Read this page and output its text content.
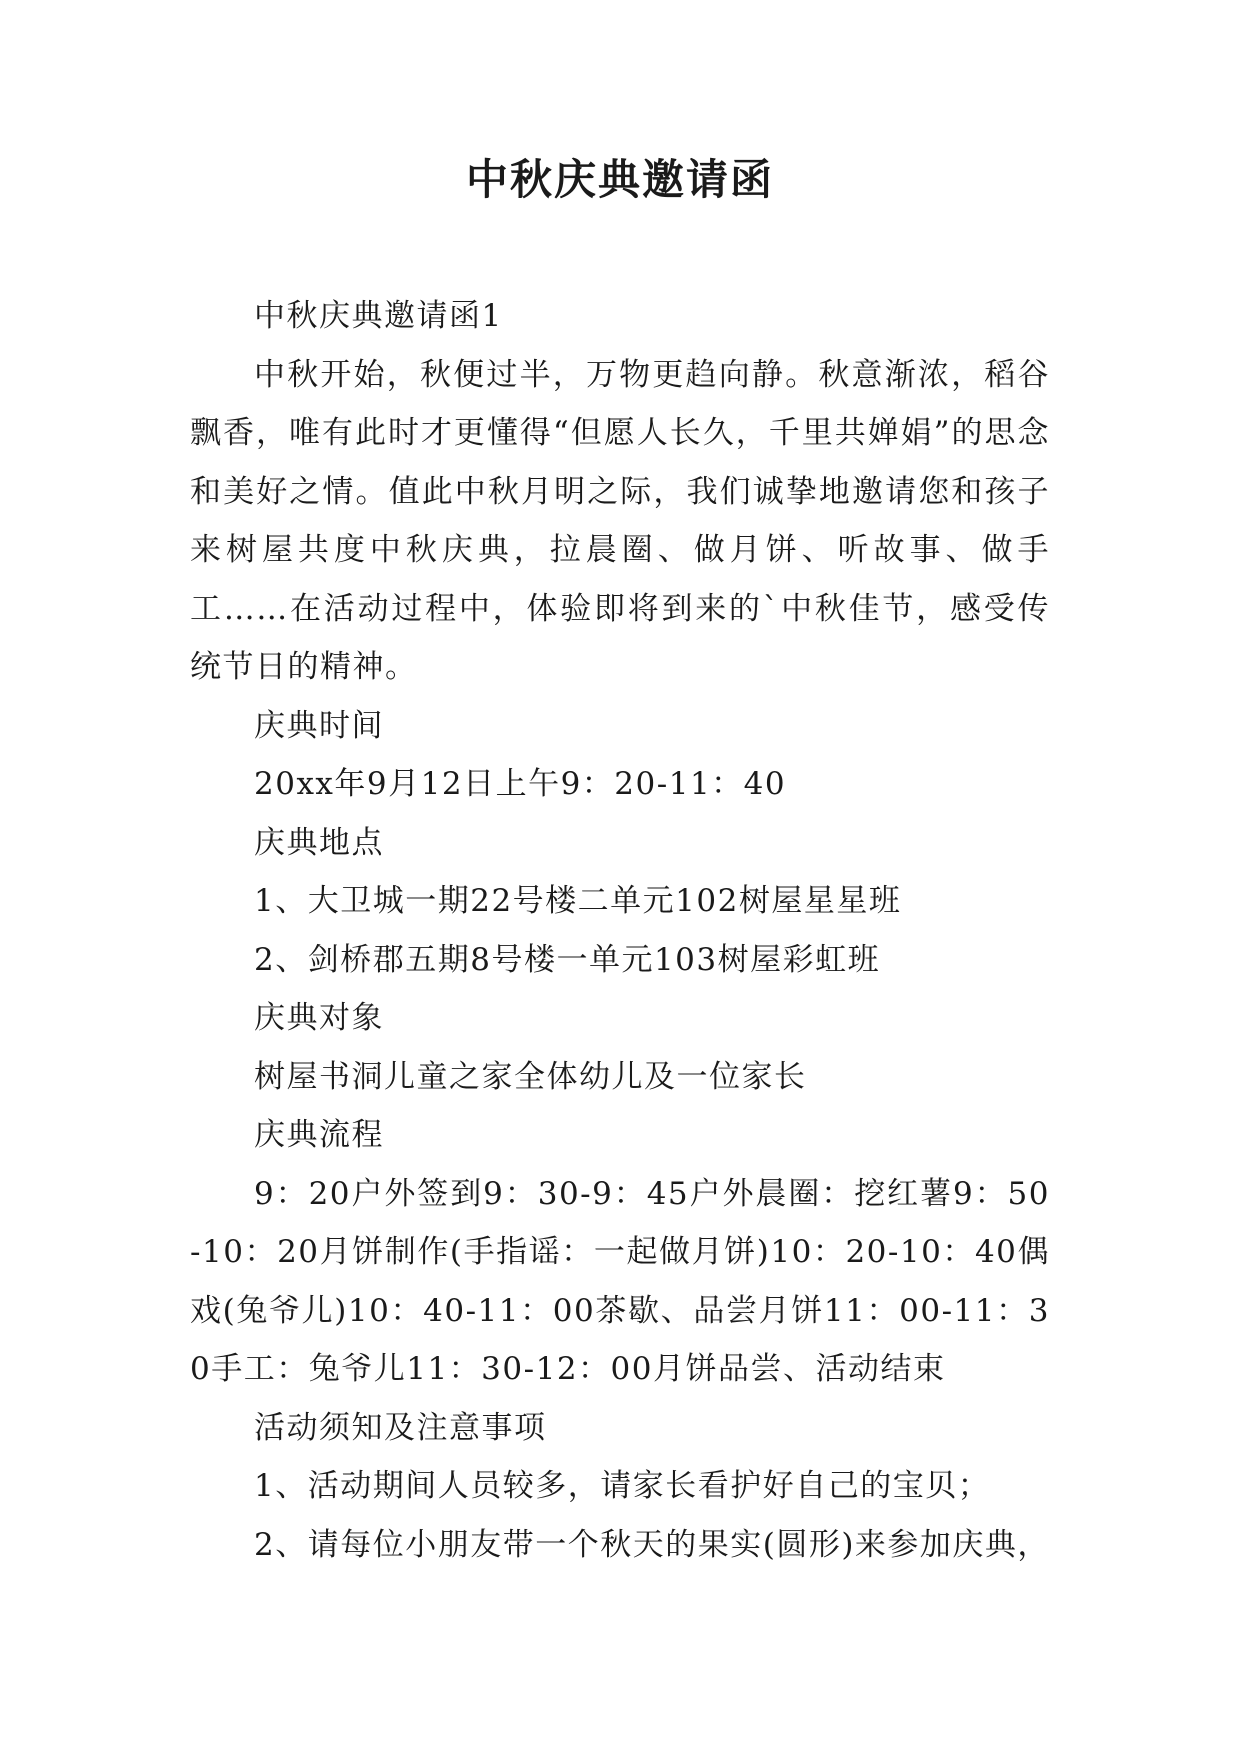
中秋庆典邀请函

中秋庆典邀请函1

中秋开始，秋便过半，万物更趋向静。秋意渐浓，稻谷飘香，唯有此时才更懂得“但愿人长久，千里共婵娟”的思念和美好之情。值此中秋月明之际，我们诚挚地邀请您和孩子来树屋共度中秋庆典，拉晨圈、做月饼、听故事、做手工……在活动过程中，体验即将到来的`中秋佳节，感受传统节日的精神。

庆典时间

20xx年9月12日上午9：20-11：40

庆典地点

1、大卫城一期22号楼二单元102树屋星星班

2、剑桥郡五期8号楼一单元103树屋彩虹班

庆典对象

树屋书洞儿童之家全体幼儿及一位家长

庆典流程

9：20户外签到9：30-9：45户外晨圈：挖红薯9：50-10：20月饼制作(手指谣：一起做月饼)10：20-10：40偶戏(兔爷儿)10：40-11：00茶歇、品尝月饼11：00-11：30手工：兔爷儿11：30-12：00月饼品尝、活动结束

活动须知及注意事项

1、活动期间人员较多，请家长看护好自己的宝贝；

2、请每位小朋友带一个秋天的果实(圆形)来参加庆典，
